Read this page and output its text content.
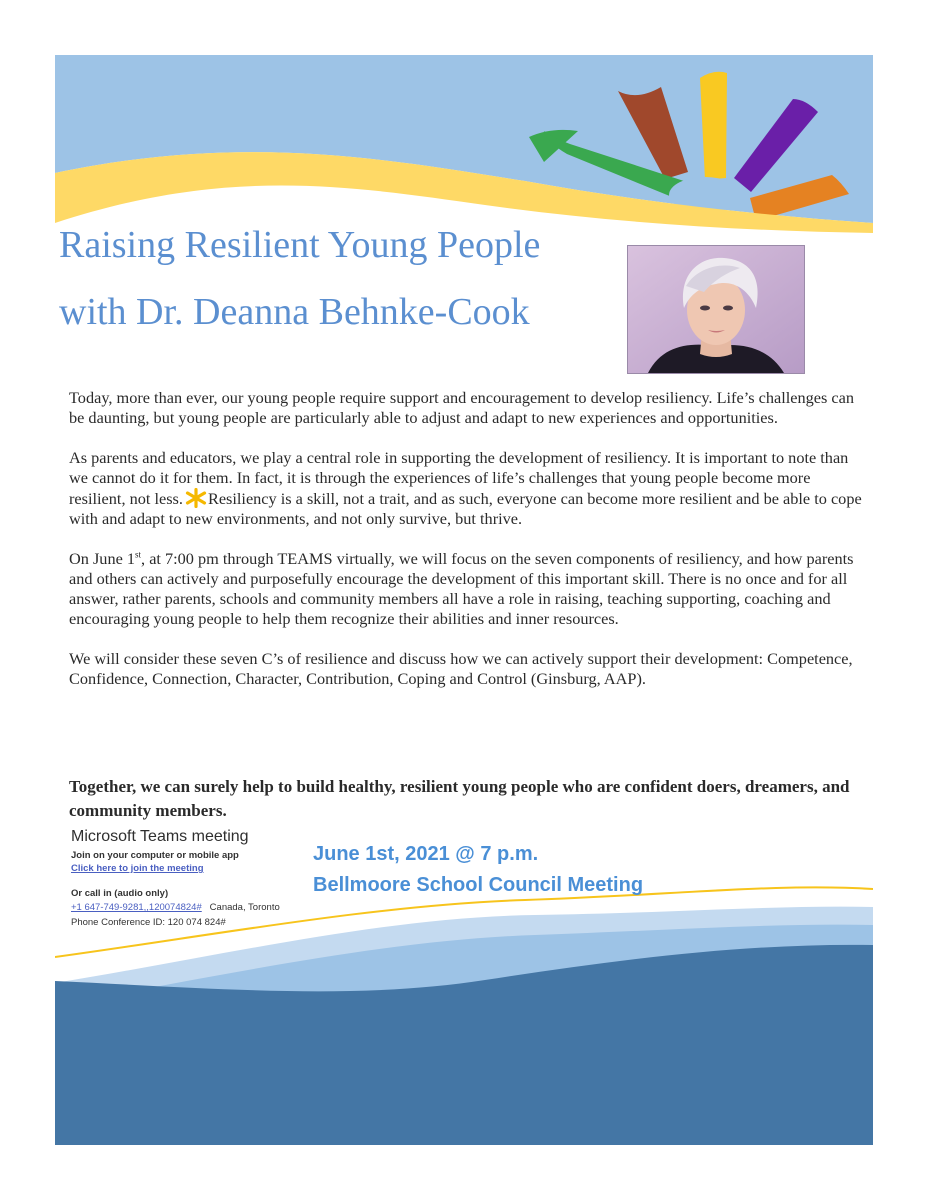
Raising Resilient Young People
with Dr. Deanna Behnke-Cook

Today, more than ever, our young people require support and encouragement to develop resiliency. Life’s challenges can be daunting, but young people are particularly able to adjust and adapt to new experiences and opportunities.

As parents and educators, we play a central role in supporting the development of resiliency. It is important to note than we cannot do it for them. In fact, it is through the experiences of life’s challenges that young people become more resilient, not less. Resiliency is a skill, not a trait, and as such, everyone can become more resilient and be able to cope with and adapt to new environments, and not only survive, but thrive.

On June 1st, at 7:00 pm through TEAMS virtually, we will focus on the seven components of resiliency, and how parents and others can actively and purposefully encourage the development of this important skill. There is no once and for all answer, rather parents, schools and community members all have a role in raising, teaching supporting, coaching and encouraging young people to help them recognize their abilities and inner resources.

We will consider these seven C’s of resilience and discuss how we can actively support their development: Competence, Confidence, Connection, Character, Contribution, Coping and Control (Ginsburg, AAP).

Together, we can surely help to build healthy, resilient young people who are confident doers, dreamers, and community members.

Microsoft Teams meeting
Join on your computer or mobile app
Click here to join the meeting
Or call in (audio only)
+1 647-749-9281,,120074824# Canada, Toronto
Phone Conference ID: 120 074 824#
June 1st, 2021 @ 7 p.m.
Bellmoore School Council Meeting
